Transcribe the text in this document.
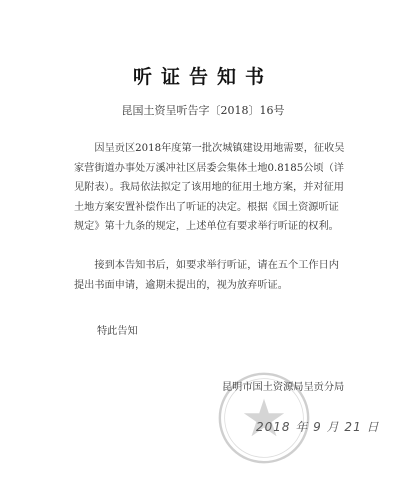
听证告知书
昆国土资呈听告字〔2018〕16号

因呈贡区2018年度第一批次城镇建设用地需要，征收吴家营街道办事处万溪冲社区居委会集体土地0.8185公顷（详见附表）。我局依法拟定了该用地的征用土地方案，并对征用土地方案安置补偿作出了听证的决定。根据《国土资源听证规定》第十九条的规定，上述单位有要求举行听证的权利。

接到本告知书后，如要求举行听证，请在五个工作日内提出书面申请，逾期未提出的，视为放弃听证。

特此告知
昆明市国土资源局呈贡分局
2018 年 9 月 21 日
